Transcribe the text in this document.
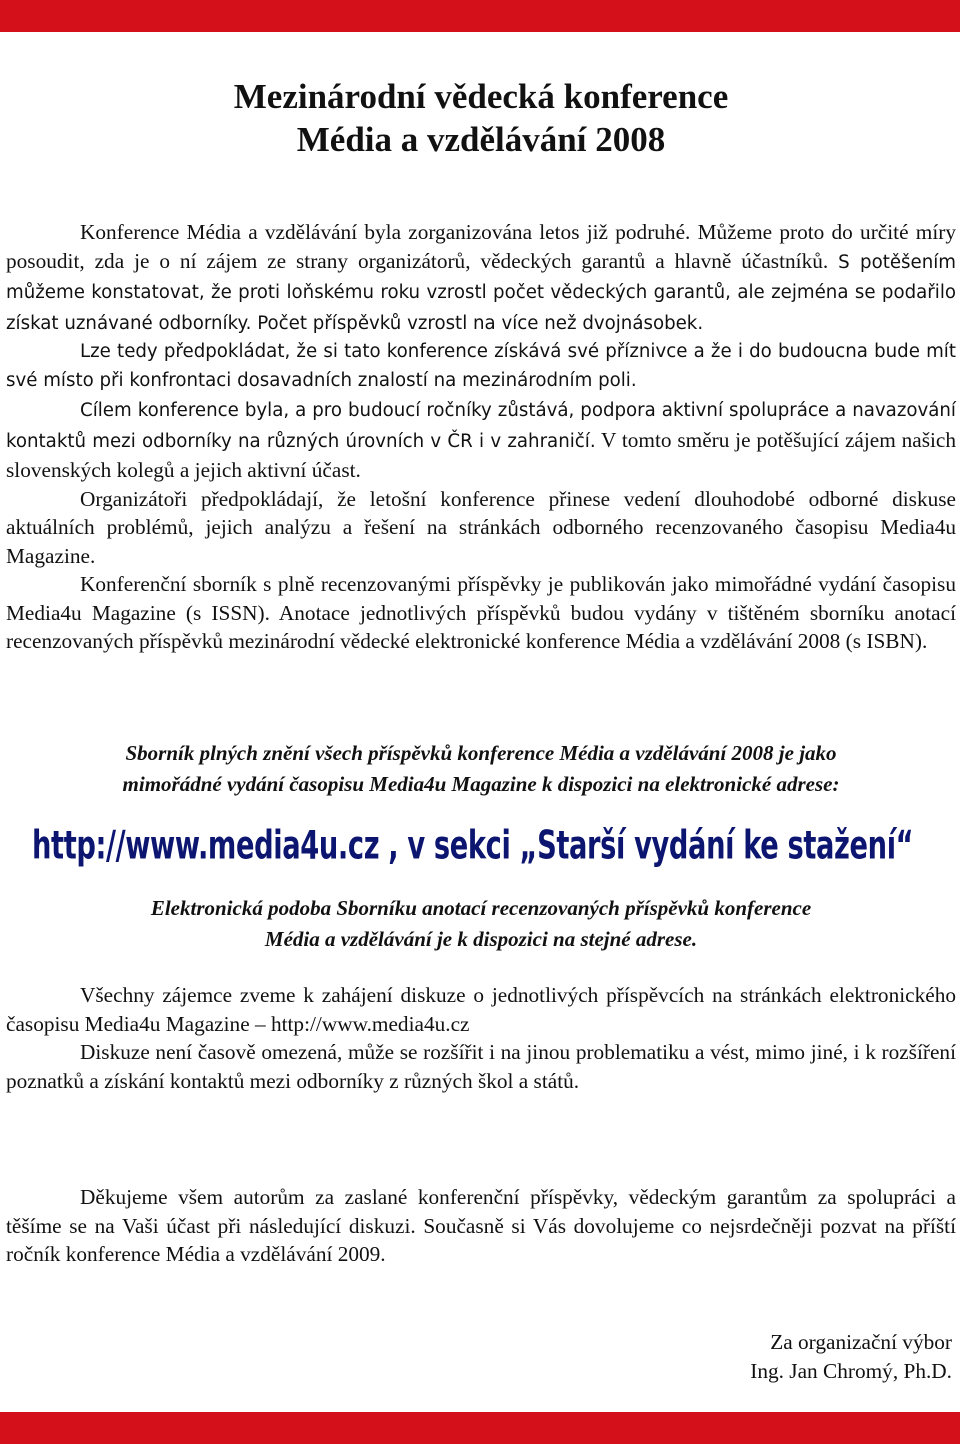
Mezinárodní vědecká konference
Média a vzdělávání 2008

Konference Média a vzdělávání byla zorganizována letos již podruhé. Můžeme proto do určité míry posoudit, zda je o ní zájem ze strany organizátorů, vědeckých garantů a hlavně účastníků. S potěšením můžeme konstatovat, že proti loňskému roku vzrostl počet vědeckých garantů, ale zejména se podařilo získat uznávané odborníky. Počet příspěvků vzrostl na více než dvojnásobek.

Lze tedy předpokládat, že si tato konference získává své příznivce a že i do budoucna bude mít své místo při konfrontaci dosavadních znalostí na mezinárodním poli.

Cílem konference byla, a pro budoucí ročníky zůstává, podpora aktivní spolupráce a navazování kontaktů mezi odborníky na různých úrovních v ČR i v zahraničí. V tomto směru je potěšující zájem našich slovenských kolegů a jejich aktivní účast.

Organizátoři předpokládají, že letošní konference přinese vedení dlouhodobé odborné diskuse aktuálních problémů, jejich analýzu a řešení na stránkách odborného recenzovaného časopisu Media4u Magazine.

Konferenční sborník s plně recenzovanými příspěvky je publikován jako mimořádné vydání časopisu Media4u Magazine (s ISSN). Anotace jednotlivých příspěvků budou vydány v tištěném sborníku anotací recenzovaných příspěvků mezinárodní vědecké elektronické konference Média a vzdělávání 2008 (s ISBN).

Sborník plných znění všech příspěvků konference Média a vzdělávání 2008 je jako
mimořádné vydání časopisu Media4u Magazine k dispozici na elektronické adrese:
http://www.media4u.cz , v sekci „Starší vydání ke stažení“
Elektronická podoba Sborníku anotací recenzovaných příspěvků konference
Média a vzdělávání je k dispozici na stejné adrese.

Všechny zájemce zveme k zahájení diskuze o jednotlivých příspěvcích na stránkách elektronického časopisu Media4u Magazine – http://www.media4u.cz

Diskuze není časově omezená, může se rozšířit i na jinou problematiku a vést, mimo jiné, i k rozšíření poznatků a získání kontaktů mezi odborníky z různých škol a států.

Děkujeme všem autorům za zaslané konferenční příspěvky, vědeckým garantům za spolupráci a těšíme se na Vaši účast při následující diskuzi. Současně si Vás dovolujeme co nejsrdečněji pozvat na příští ročník konference Média a vzdělávání 2009.

Za organizační výbor
Ing. Jan Chromý, Ph.D.
